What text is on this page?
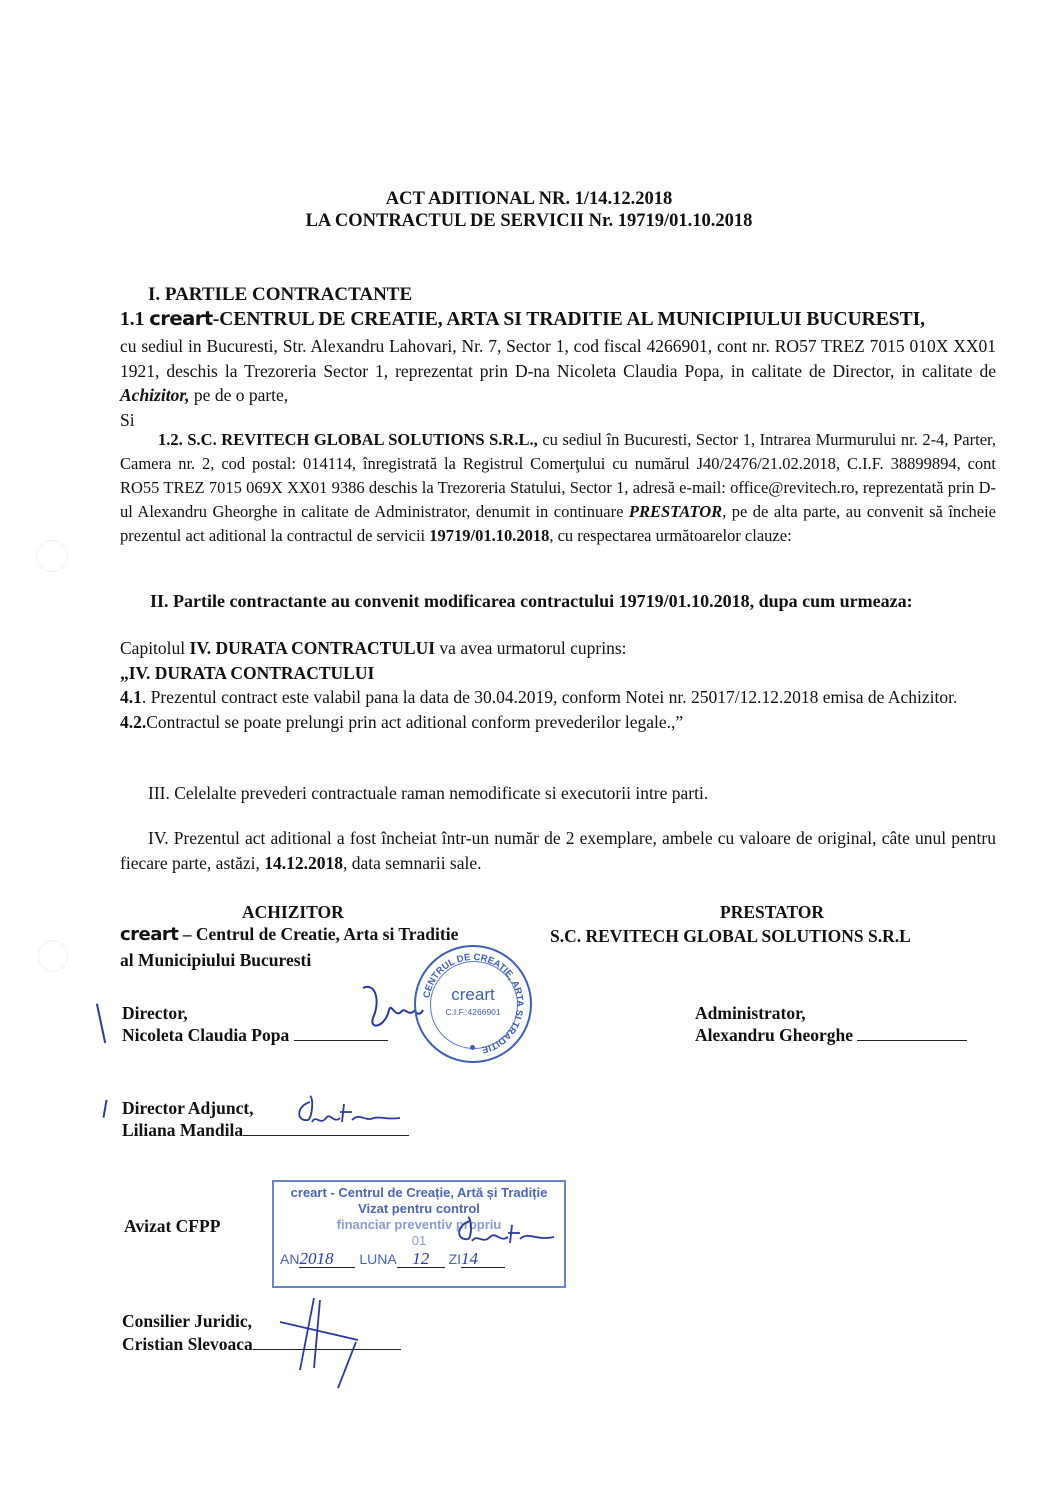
ACT ADITIONAL NR. 1/14.12.2018
LA CONTRACTUL DE SERVICII Nr. 19719/01.10.2018
I. PARTILE CONTRACTANTE
1.1 creart-CENTRUL DE CREATIE, ARTA SI TRADITIE AL MUNICIPIULUI BUCURESTI,
cu sediul in Bucuresti, Str. Alexandru Lahovari, Nr. 7, Sector 1, cod fiscal 4266901, cont nr. RO57 TREZ 7015 010X XX01 1921, deschis la Trezoreria Sector 1, reprezentat prin D-na Nicoleta Claudia Popa, in calitate de Director, in calitate de Achizitor, pe de o parte,
Si
1.2. S.C. REVITECH GLOBAL SOLUTIONS S.R.L., cu sediul în Bucuresti, Sector 1, Intrarea Murmurului nr. 2-4, Parter, Camera nr. 2, cod postal: 014114, înregistrată la Registrul Comerţului cu numărul J40/2476/21.02.2018, C.I.F. 38899894, cont RO55 TREZ 7015 069X XX01 9386 deschis la Trezoreria Statului, Sector 1, adresă e-mail: office@revitech.ro, reprezentată prin D-ul Alexandru Gheorghe in calitate de Administrator, denumit in continuare PRESTATOR, pe de alta parte, au convenit să încheie prezentul act aditional la contractul de servicii 19719/01.10.2018, cu respectarea următoarelor clauze:
II. Partile contractante au convenit modificarea contractului 19719/01.10.2018, dupa cum urmeaza:
Capitolul IV. DURATA CONTRACTULUI va avea urmatorul cuprins:
„IV. DURATA CONTRACTULUI
4.1. Prezentul contract este valabil pana la data de 30.04.2019, conform Notei nr. 25017/12.12.2018 emisa de Achizitor.
4.2.Contractul se poate prelungi prin act aditional conform prevederilor legale.,”
III. Celelalte prevederi contractuale raman nemodificate si executorii intre parti.
IV. Prezentul act aditional a fost încheiat într-un număr de 2 exemplare, ambele cu valoare de original, câte unul pentru fiecare parte, astăzi, 14.12.2018, data semnarii sale.
ACHIZITOR
creart – Centrul de Creatie, Arta si Traditie
al Municipiului Bucuresti
PRESTATOR
S.C. REVITECH GLOBAL SOLUTIONS S.R.L
Director,
Nicoleta Claudia Popa
CENTRUL DE CREATIE, ARTA SI TRADITIE
creart
C.I.F.:4266901	Administrator,
Alexandru Gheorghe
Director Adjunct,
Liliana Mandila
Avizat CFPP
creart - Centrul de Creație, Artă și Tradiție
Vizat pentru control
financiar preventiv propriu
01
AN2018 LUNA 12 ZI14
Consilier Juridic,
Cristian Slevoaca
